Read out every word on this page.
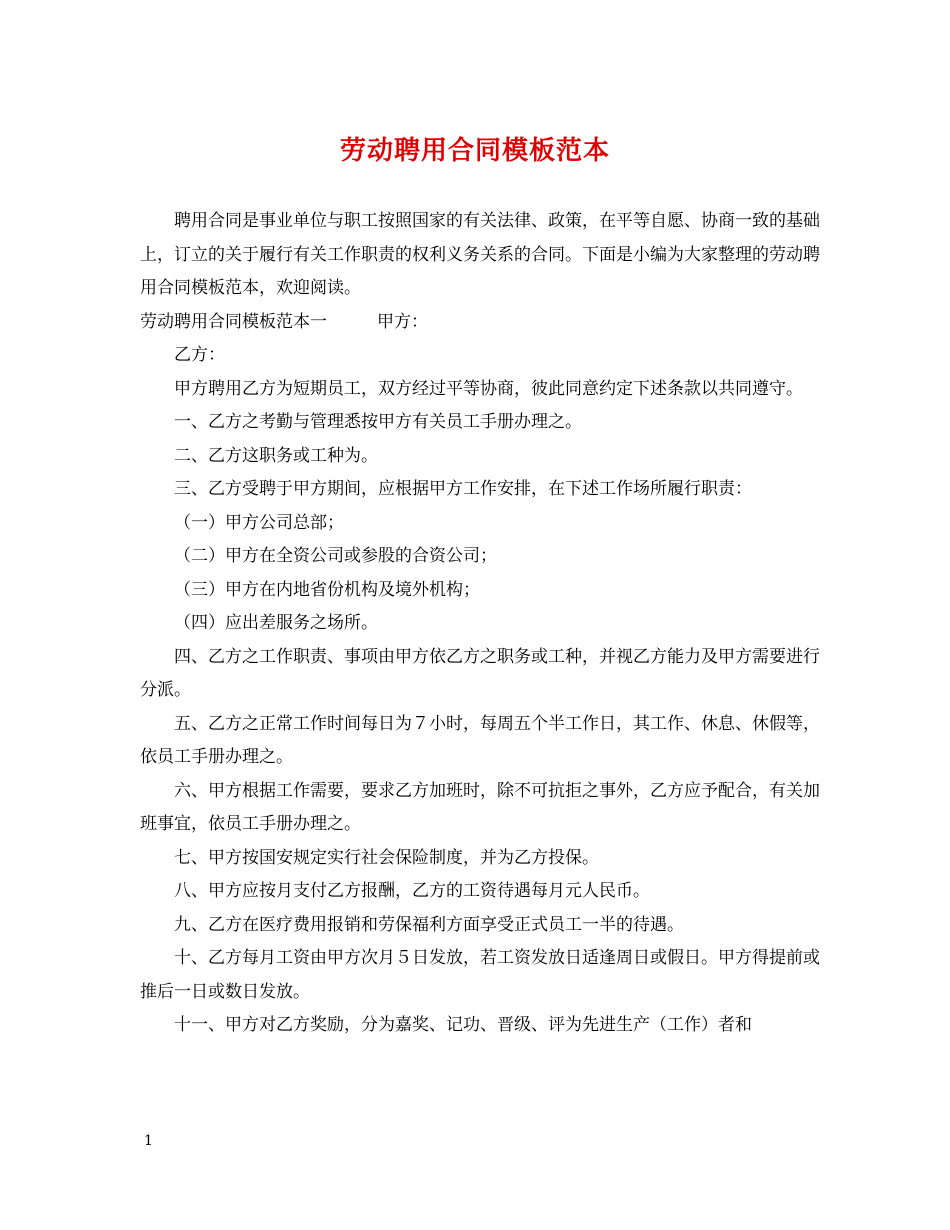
劳动聘用合同模板范本

聘用合同是事业单位与职工按照国家的有关法律、政策，在平等自愿、协商一致的基础上，订立的关于履行有关工作职责的权利义务关系的合同。下面是小编为大家整理的劳动聘用合同模板范本，欢迎阅读。

劳动聘用合同模板范本一	甲方：

乙方：

甲方聘用乙方为短期员工，双方经过平等协商，彼此同意约定下述条款以共同遵守。

一、乙方之考勤与管理悉按甲方有关员工手册办理之。

二、乙方这职务或工种为。

三、乙方受聘于甲方期间，应根据甲方工作安排，在下述工作场所履行职责：

（一）甲方公司总部；

（二）甲方在全资公司或参股的合资公司；

（三）甲方在内地省份机构及境外机构；

（四）应出差服务之场所。

四、乙方之工作职责、事项由甲方依乙方之职务或工种，并视乙方能力及甲方需要进行分派。

五、乙方之正常工作时间每日为７小时，每周五个半工作日，其工作、休息、休假等，依员工手册办理之。

六、甲方根据工作需要，要求乙方加班时，除不可抗拒之事外，乙方应予配合，有关加班事宜，依员工手册办理之。

七、甲方按国安规定实行社会保险制度，并为乙方投保。

八、甲方应按月支付乙方报酬，乙方的工资待遇每月元人民币。

九、乙方在医疗费用报销和劳保福利方面享受正式员工一半的待遇。

十、乙方每月工资由甲方次月５日发放，若工资发放日适逢周日或假日。甲方得提前或推后一日或数日发放。

十一、甲方对乙方奖励，分为嘉奖、记功、晋级、评为先进生产（工作）者和

1
